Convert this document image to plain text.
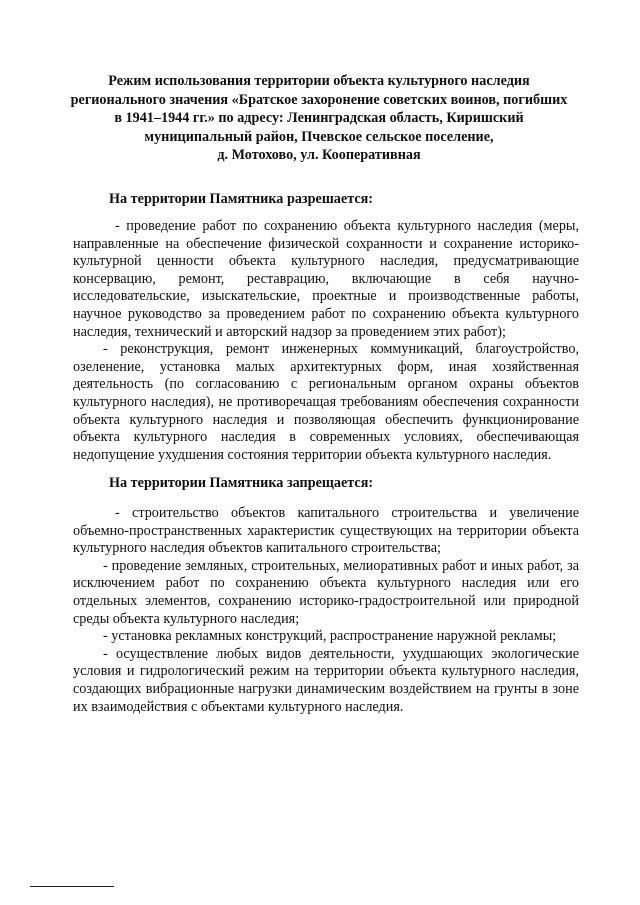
Режим использования территории объекта культурного наследия
регионального значения «Братское захоронение советских воинов, погибших
в 1941–1944 гг.» по адресу: Ленинградская область, Киришский
муниципальный район, Пчевское сельское поселение,
д. Мотохово, ул. Кооперативная
На территории Памятника разрешается:

- проведение работ по сохранению объекта культурного наследия (меры, направленные на обеспечение физической сохранности и сохранение историко-культурной ценности объекта культурного наследия, предусматривающие консервацию, ремонт, реставрацию, включающие в себя научно-исследовательские, изыскательские, проектные и производственные работы, научное руководство за проведением работ по сохранению объекта культурного наследия, технический и авторский надзор за проведением этих работ);

- реконструкция, ремонт инженерных коммуникаций, благоустройство, озеленение, установка малых архитектурных форм, иная хозяйственная деятельность (по согласованию с региональным органом охраны объектов культурного наследия), не противоречащая требованиям обеспечения сохранности объекта культурного наследия и позволяющая обеспечить функционирование объекта культурного наследия в современных условиях, обеспечивающая недопущение ухудшения состояния территории объекта культурного наследия.

На территории Памятника запрещается:

- строительство объектов капитального строительства и увеличение объемно-пространственных характеристик существующих на территории объекта культурного наследия объектов капитального строительства;

- проведение земляных, строительных, мелиоративных работ и иных работ, за исключением работ по сохранению объекта культурного наследия или его отдельных элементов, сохранению историко-градостроительной или природной среды объекта культурного наследия;

- установка рекламных конструкций, распространение наружной рекламы;

- осуществление любых видов деятельности, ухудшающих экологические условия и гидрологический режим на территории объекта культурного наследия, создающих вибрационные нагрузки динамическим воздействием на грунты в зоне их взаимодействия с объектами культурного наследия.
